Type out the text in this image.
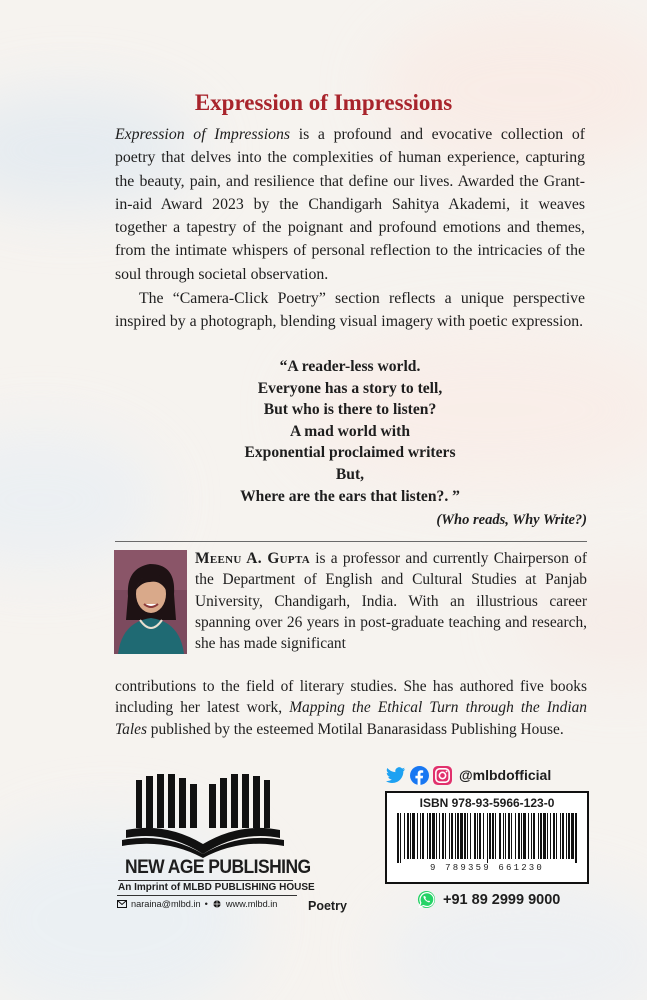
Expression of Impressions

Expression of Impressions is a profound and evocative collection of poetry that delves into the complexities of human experience, capturing the beauty, pain, and resilience that define our lives. Awarded the Grant-in-aid Award 2023 by the Chandigarh Sahitya Akademi, it weaves together a tapestry of the poignant and profound emotions and themes, from the intimate whispers of personal reflection to the intricacies of the soul through societal observation.

The “Camera-Click Poetry” section reflects a unique perspective inspired by a photograph, blending visual imagery with poetic expression.

“A reader-less world.
Everyone has a story to tell,
But who is there to listen?
A mad world with
Exponential proclaimed writers
But,
Where are the ears that listen?. ”
(Who reads, Why Write?)

Meenu A. Gupta is a professor and currently Chairperson of the Department of English and Cultural Studies at Panjab University, Chandigarh, India. With an illustrious career spanning over 26 years in post-graduate teaching and research, she has made significant

contributions to the field of literary studies. She has authored five books including her latest work, Mapping the Ethical Turn through the Indian Tales published by the esteemed Motilal Banarasidass Publishing House.

NEW AGE PUBLISHING
An Imprint of MLBD PUBLISHING HOUSE
naraina@mlbd.in • www.mlbd.in Poetry
@mlbdofficial
ISBN 978-93-5966-123-0
9 789359 661230
+91 89 2999 9000
